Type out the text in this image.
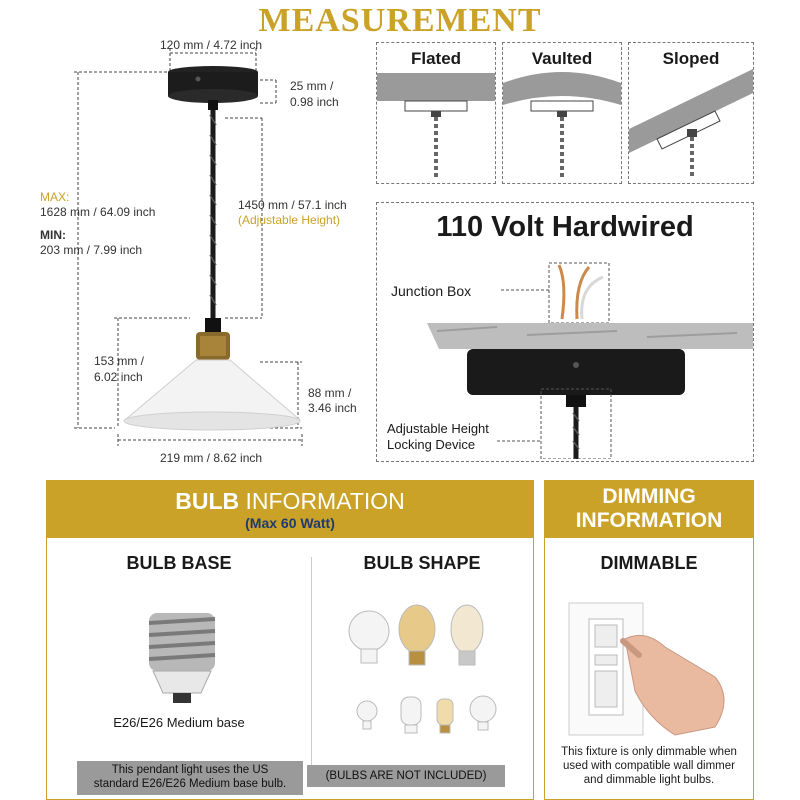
MEASUREMENT
120 mm / 4.72 inch
25 mm /
0.98 inch
MAX:
1628 mm / 64.09 inch
MIN:
203 mm / 7.99 inch
1450 mm / 57.1 inch
(Adjustable Height)
153 mm /
6.02 inch
88 mm /
3.46 inch
219 mm / 8.62 inch
Flated	Vaulted	Sloped
110 Volt Hardwired
Junction Box
Adjustable Height
Locking Device
BULB INFORMATION
(Max 60 Watt)
BULB BASE
E26/E26 Medium base
This pendant light uses the US
standard E26/E26 Medium base bulb.
BULB SHAPE
(BULBS ARE NOT INCLUDED)
DIMMING
INFORMATION
DIMMABLE
This fixture is only dimmable when
used with compatible wall dimmer
and dimmable light bulbs.
